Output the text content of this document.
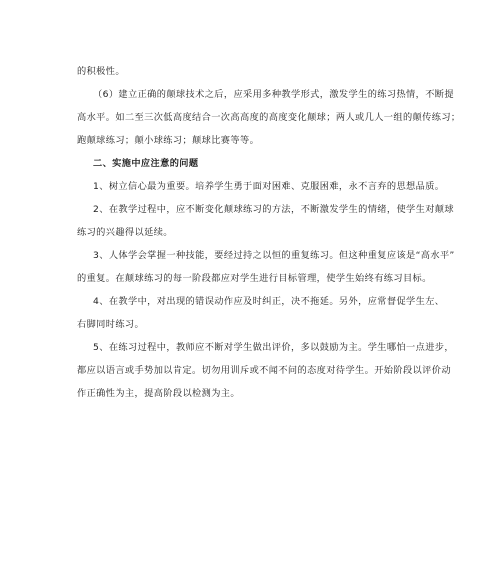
的积极性。
（6）建立正确的颠球技术之后，应采用多种教学形式，激发学生的练习热情，不断提
高水平。如二至三次低高度结合一次高高度的高度变化颠球；两人或几人一组的颠传练习；
跑颠球练习；颠小球练习；颠球比赛等等。
二、实施中应注意的问题
1、树立信心最为重要。培养学生勇于面对困难、克服困难，永不言弃的思想品质。
2、在教学过程中，应不断变化颠球练习的方法，不断激发学生的情绪，使学生对颠球
练习的兴趣得以延续。
3、人体学会掌握一种技能，要经过持之以恒的重复练习。但这种重复应该是“高水平”
的重复。在颠球练习的每一阶段都应对学生进行目标管理，使学生始终有练习目标。
4、在教学中，对出现的错误动作应及时纠正，决不拖延。另外，应常督促学生左、
右脚同时练习。
5、在练习过程中，教师应不断对学生做出评价，多以鼓励为主。学生哪怕一点进步，
都应以语言或手势加以肯定。切勿用训斥或不闻不问的态度对待学生。开始阶段以评价动
作正确性为主，提高阶段以检测为主。
